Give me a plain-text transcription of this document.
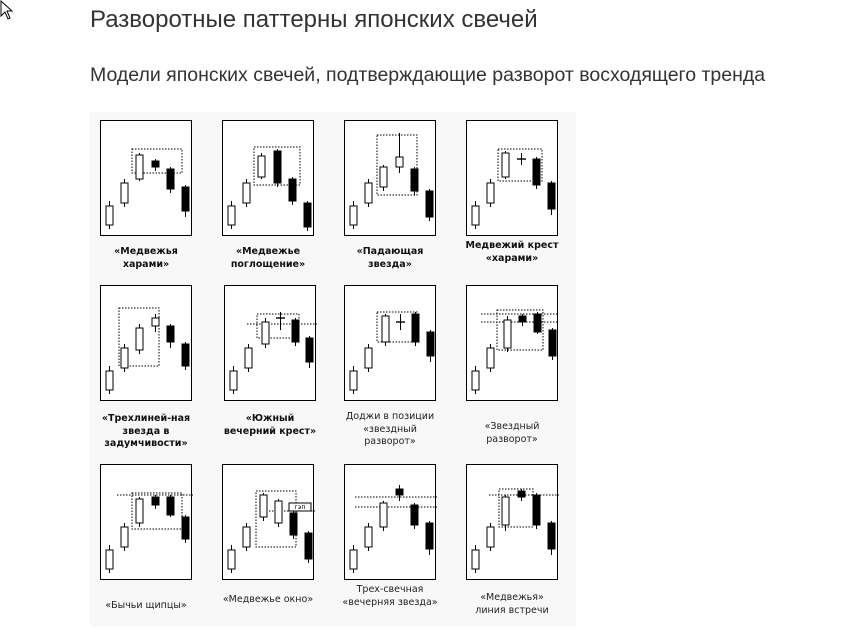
Разворотные паттерны японских свечей
Модели японских свечей, подтверждающие разворот восходящего тренда
«Медвежья харами»
«Медвежье поглощение»
«Падающая звезда»
Медвежий крест «харами»
«Трехлиней-ная звезда в задумчивости»
«Южный вечерний крест»
Доджи в позиции «звездный разворот»
«Звездный разворот»
«Бычьи щипцы»
гэп
«Медвежье окно»
Трех-свечная «вечерняя звезда»	«Медвежья» линия встречи
